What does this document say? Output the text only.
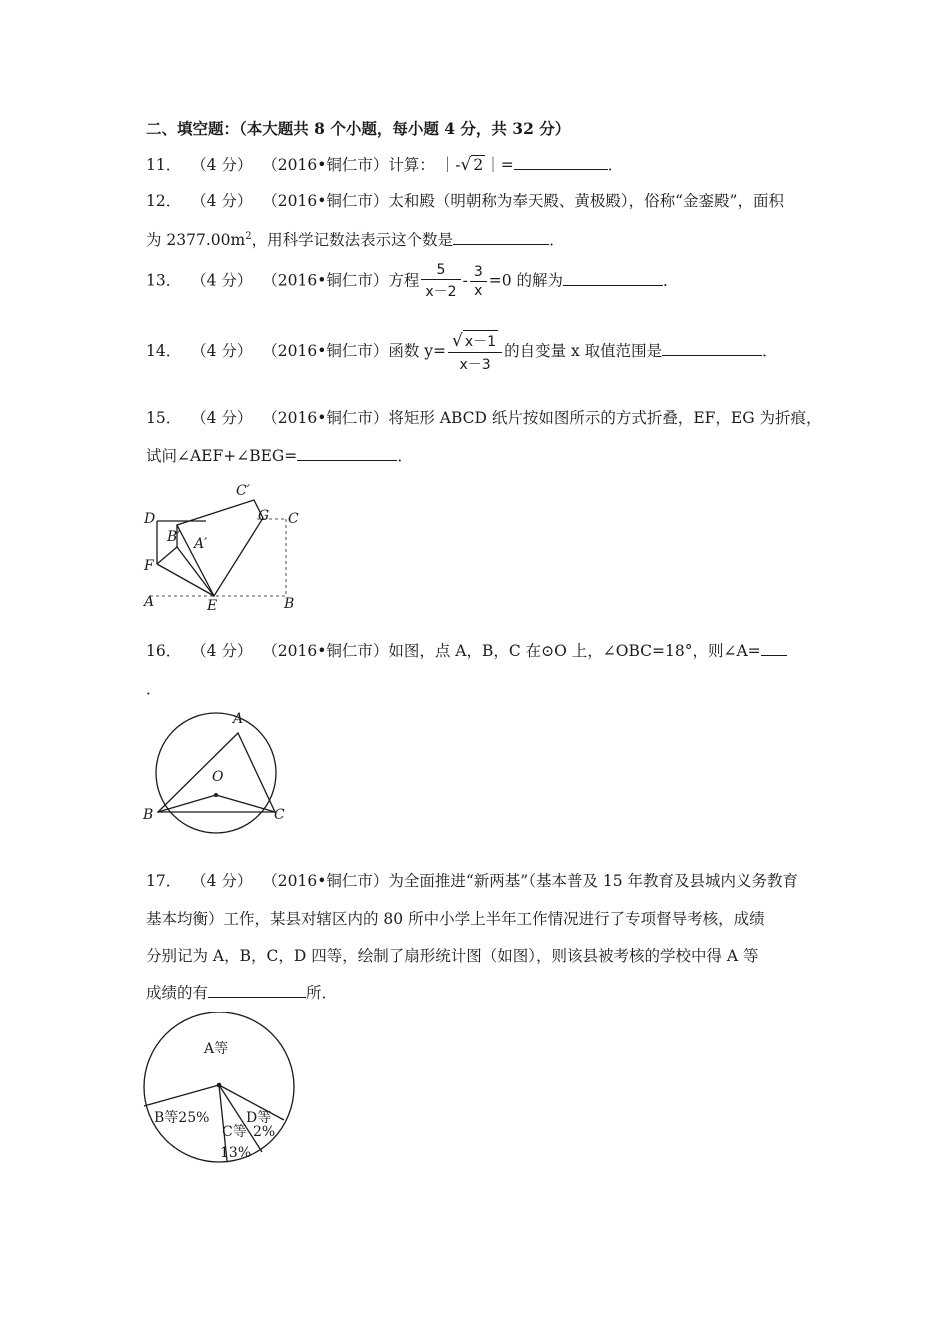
二、填空题：（本大题共 8 个小题，每小题 4 分，共 32 分）
11． （4 分） （2016•铜仁市）计算： ｜-√ 2 ｜=	．
12． （4 分） （2016•铜仁市）太和殿（明朝称为奉天殿、黄极殿），俗称“金銮殿”，面积
为 $2377.00m^2$，用科学记数法表示这个数是	．
13． （4 分） （2016•铜仁市）方程 $\frac{5}{x-2} - \frac{3}{x} =0$ 的解为	．
14． （4 分） （2016•铜仁市）函数 $y= \frac{√ x-1}{x-3}$ 的自变量 x 取值范围是	．
15． （4 分） （2016•铜仁市）将矩形 ABCD 纸片按如图所示的方式折叠，EF，EG 为折痕，
试问∠AEF+∠BEG=	．
D
C′
G C
B′ A′
F
A	E	B
16． （4 分） （2016•铜仁市）如图，点 A，B，C 在⊙O 上，∠OBC=18°，则∠A=
．
A
O
B	C
17． （4 分） （2016•铜仁市）为全面推进“新两基”（基本普及 15 年教育及县城内义务教育
基本均衡）工作，某县对辖区内的 80 所中小学上半年工作情况进行了专项督导考核，成绩
分别记为 A，B，C，D 四等，绘制了扇形统计图（如图），则该县被考核的学校中得 A 等
成绩的有	所．
A等
B等25%
C等
13%
D等
2%
